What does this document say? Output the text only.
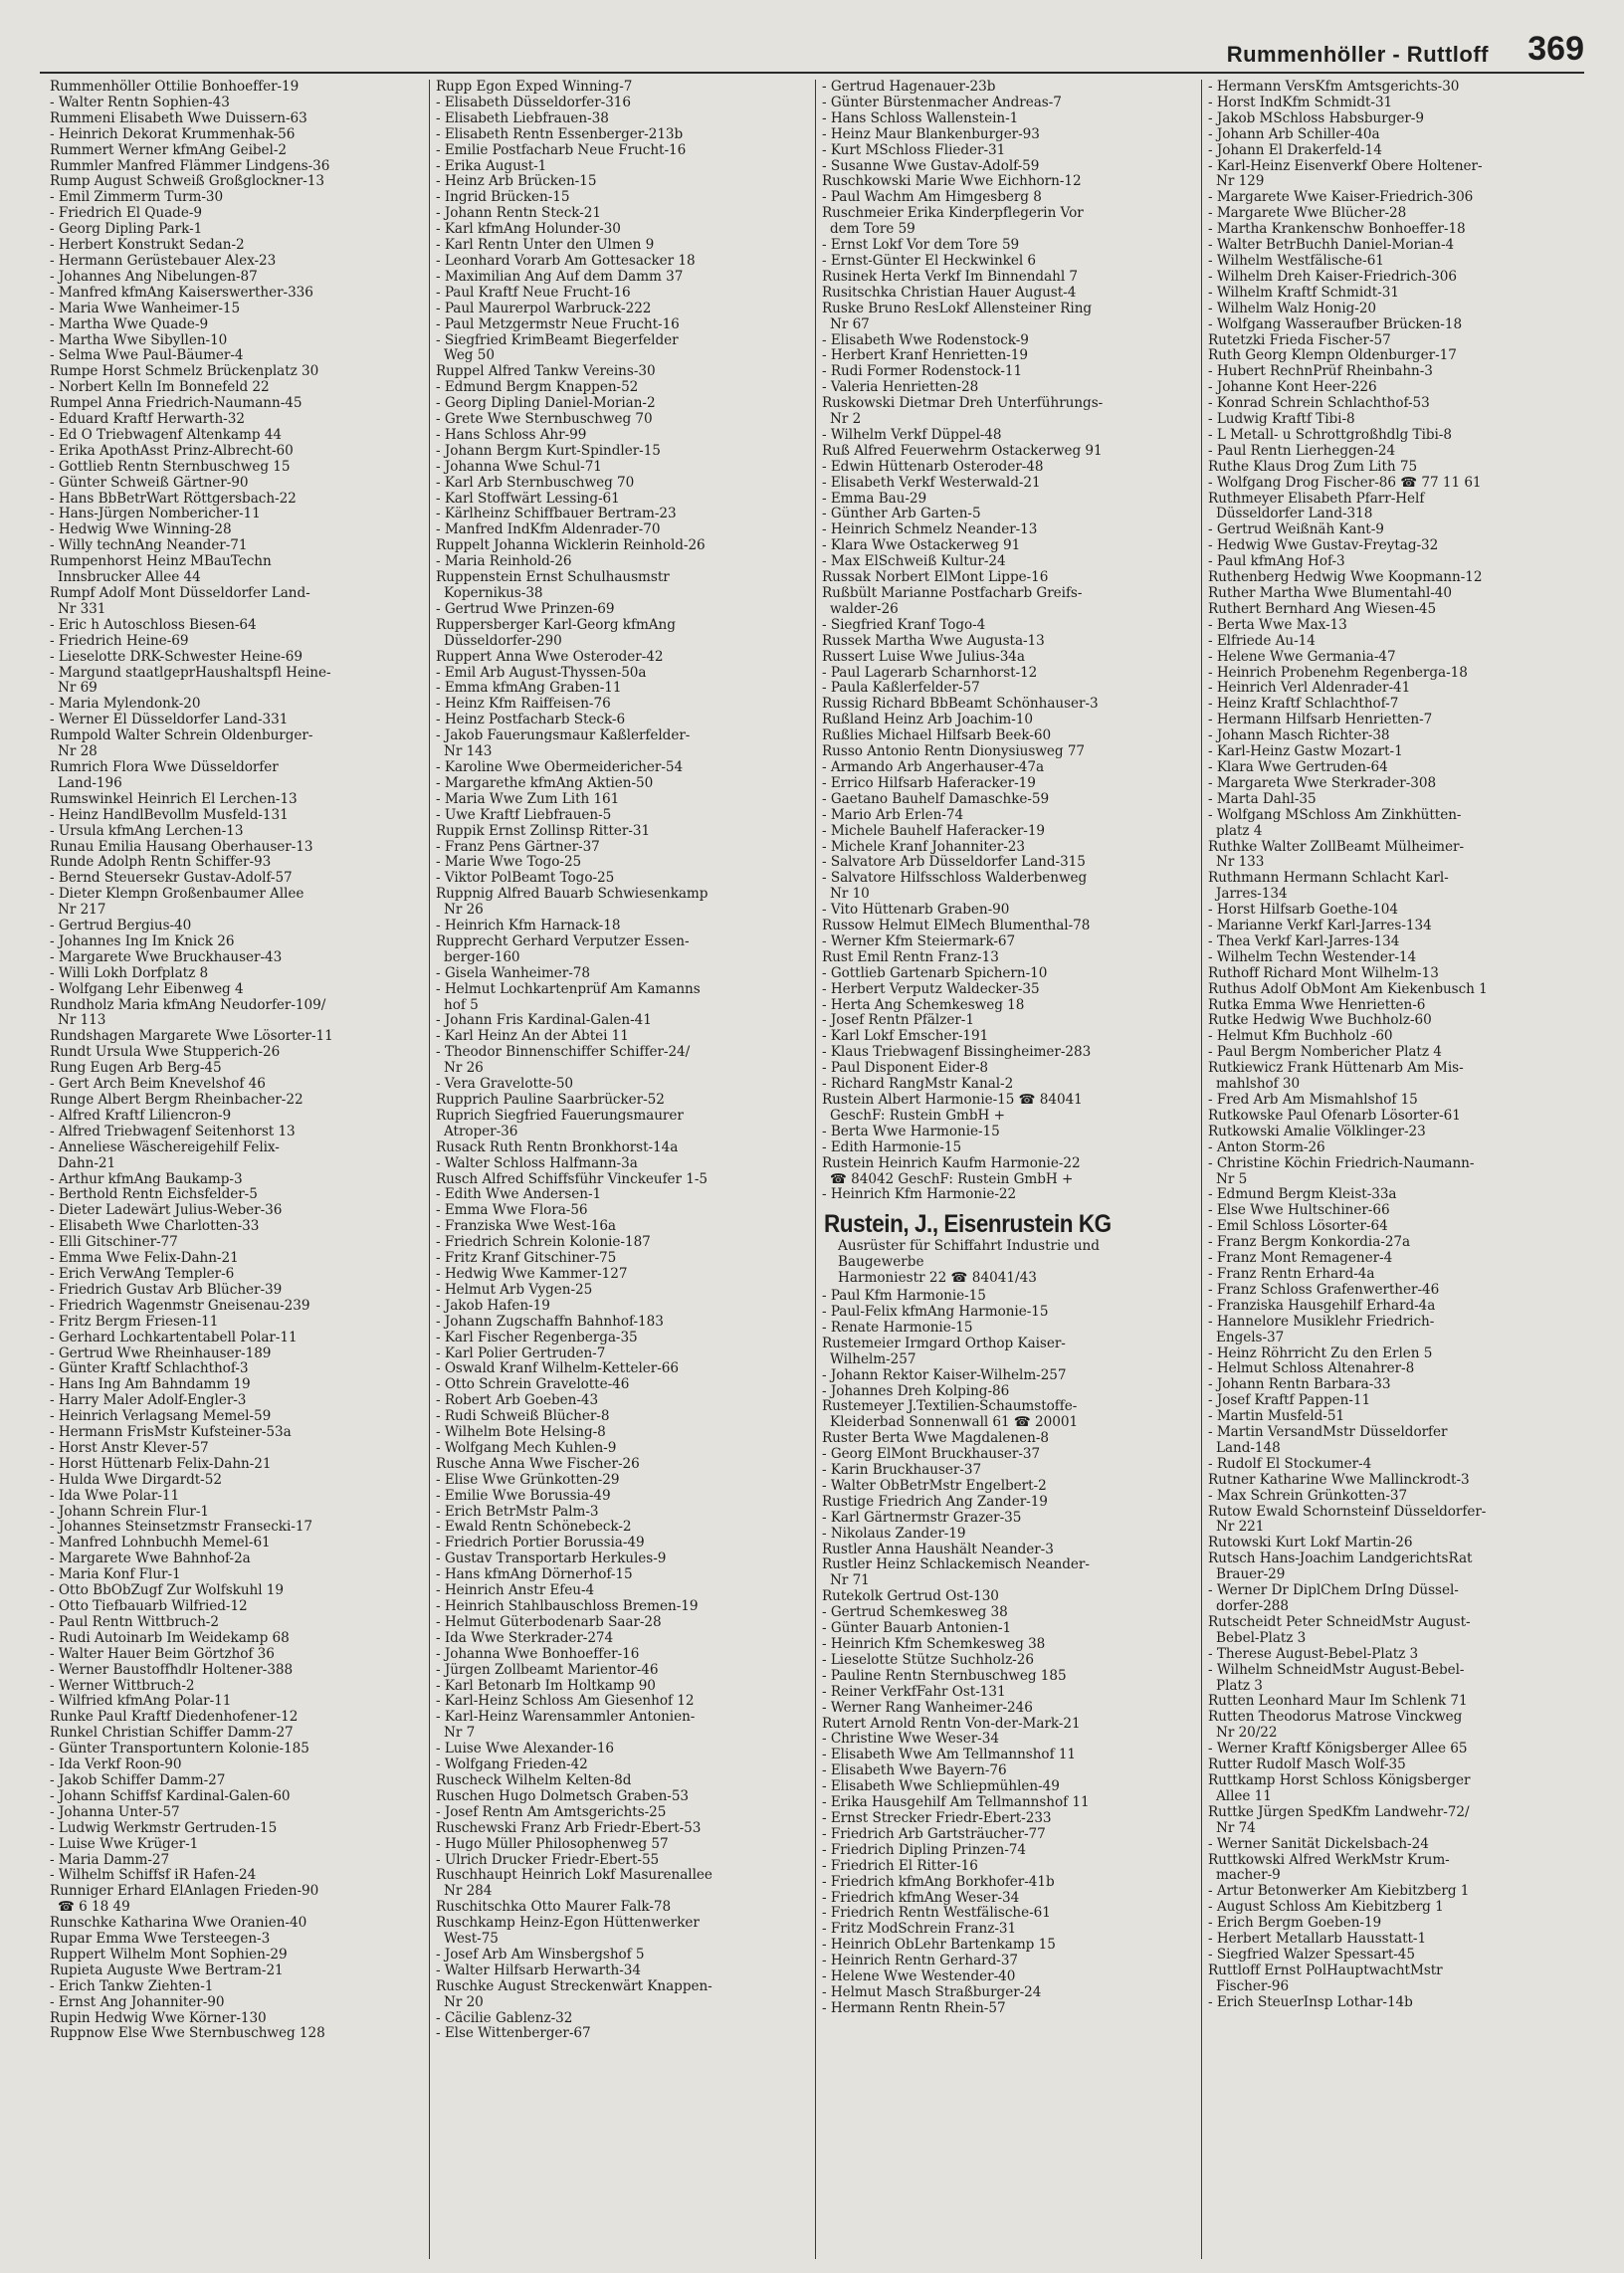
Rummenhöller - Ruttloff 369
Rummenhöller Ottilie Bonhoeffer-19
- Walter Rentn Sophien-43
Rummeni Elisabeth Wwe Duissern-63
- Heinrich Dekorat Krummenhak-56
Rummert Werner kfmAng Geibel-2
Rummler Manfred Flämmer Lindgens-36
Rump August Schweiß Großglockner-13
- Emil Zimmerm Turm-30
- Friedrich El Quade-9
- Georg Dipling Park-1
- Herbert Konstrukt Sedan-2
- Hermann Gerüstebauer Alex-23
- Johannes Ang Nibelungen-87
- Manfred kfmAng Kaiserswerther-336
- Maria Wwe Wanheimer-15
- Martha Wwe Quade-9
- Martha Wwe Sibyllen-10
- Selma Wwe Paul-Bäumer-4
Rumpe Horst Schmelz Brückenplatz 30
- Norbert Kelln Im Bonnefeld 22
Rumpel Anna Friedrich-Naumann-45
- Eduard Kraftf Herwarth-32
- Ed O Triebwagenf Altenkamp 44
- Erika ApothAsst Prinz-Albrecht-60
- Gottlieb Rentn Sternbuschweg 15
- Günter Schweiß Gärtner-90
- Hans BbBetrWart Röttgersbach-22
- Hans-Jürgen Nombericher-11
- Hedwig Wwe Winning-28
- Willy technAng Neander-71
Rumpenhorst Heinz MBauTechn
Innsbrucker Allee 44
Rumpf Adolf Mont Düsseldorfer Land-
Nr 331
- Eric h Autoschloss Biesen-64
- Friedrich Heine-69
- Lieselotte DRK-Schwester Heine-69
- Margund staatlgeprHaushaltspfl Heine-
Nr 69
- Maria Mylendonk-20
- Werner El Düsseldorfer Land-331
Rumpold Walter Schrein Oldenburger-
Nr 28
Rumrich Flora Wwe Düsseldorfer
Land-196
Rumswinkel Heinrich El Lerchen-13
- Heinz HandlBevollm Musfeld-131
- Ursula kfmAng Lerchen-13
Runau Emilia Hausang Oberhauser-13
Runde Adolph Rentn Schiffer-93
- Bernd Steuersekr Gustav-Adolf-57
- Dieter Klempn Großenbaumer Allee
Nr 217
- Gertrud Bergius-40
- Johannes Ing Im Knick 26
- Margarete Wwe Bruckhauser-43
- Willi Lokh Dorfplatz 8
- Wolfgang Lehr Eibenweg 4
Rundholz Maria kfmAng Neudorfer-109/
Nr 113
Rundshagen Margarete Wwe Lösorter-11
Rundt Ursula Wwe Stupperich-26
Rung Eugen Arb Berg-45
- Gert Arch Beim Knevelshof 46
Runge Albert Bergm Rheinbacher-22
- Alfred Kraftf Liliencron-9
- Alfred Triebwagenf Seitenhorst 13
- Anneliese Wäschereigehilf Felix-
Dahn-21
- Arthur kfmAng Baukamp-3
- Berthold Rentn Eichsfelder-5
- Dieter Ladewärt Julius-Weber-36
- Elisabeth Wwe Charlotten-33
- Elli Gitschiner-77
- Emma Wwe Felix-Dahn-21
- Erich VerwAng Templer-6
- Friedrich Gustav Arb Blücher-39
- Friedrich Wagenmstr Gneisenau-239
- Fritz Bergm Friesen-11
- Gerhard Lochkartentabell Polar-11
- Gertrud Wwe Rheinhauser-189
- Günter Kraftf Schlachthof-3
- Hans Ing Am Bahndamm 19
- Harry Maler Adolf-Engler-3
- Heinrich Verlagsang Memel-59
- Hermann FrisMstr Kufsteiner-53a
- Horst Anstr Klever-57
- Horst Hüttenarb Felix-Dahn-21
- Hulda Wwe Dirgardt-52
- Ida Wwe Polar-11
- Johann Schrein Flur-1
- Johannes Steinsetzmstr Fransecki-17
- Manfred Lohnbuchh Memel-61
- Margarete Wwe Bahnhof-2a
- Maria Konf Flur-1
- Otto BbObZugf Zur Wolfskuhl 19
- Otto Tiefbauarb Wilfried-12
- Paul Rentn Wittbruch-2
- Rudi Autoinarb Im Weidekamp 68
- Walter Hauer Beim Görtzhof 36
- Werner Baustoffhdlr Holtener-388
- Werner Wittbruch-2
- Wilfried kfmAng Polar-11
Runke Paul Kraftf Diedenhofener-12
Runkel Christian Schiffer Damm-27
- Günter Transportuntern Kolonie-185
- Ida Verkf Roon-90
- Jakob Schiffer Damm-27
- Johann Schiffsf Kardinal-Galen-60
- Johanna Unter-57
- Ludwig Werkmstr Gertruden-15
- Luise Wwe Krüger-1
- Maria Damm-27
- Wilhelm Schiffsf iR Hafen-24
Runniger Erhard ElAnlagen Frieden-90
☎ 6 18 49
Runschke Katharina Wwe Oranien-40
Rupar Emma Wwe Tersteegen-3
Ruppert Wilhelm Mont Sophien-29
Rupieta Auguste Wwe Bertram-21
- Erich Tankw Ziehten-1
- Ernst Ang Johanniter-90
Rupin Hedwig Wwe Körner-130
Ruppnow Else Wwe Sternbuschweg 128
Rupp Egon Exped Winning-7
- Elisabeth Düsseldorfer-316
- Elisabeth Liebfrauen-38
- Elisabeth Rentn Essenberger-213b
- Emilie Postfacharb Neue Frucht-16
- Erika August-1
- Heinz Arb Brücken-15
- Ingrid Brücken-15
- Johann Rentn Steck-21
- Karl kfmAng Holunder-30
- Karl Rentn Unter den Ulmen 9
- Leonhard Vorarb Am Gottesacker 18
- Maximilian Ang Auf dem Damm 37
- Paul Kraftf Neue Frucht-16
- Paul Maurerpol Warbruck-222
- Paul Metzgermstr Neue Frucht-16
- Siegfried KrimBeamt Biegerfelder
Weg 50
Ruppel Alfred Tankw Vereins-30
- Edmund Bergm Knappen-52
- Georg Dipling Daniel-Morian-2
- Grete Wwe Sternbuschweg 70
- Hans Schloss Ahr-99
- Johann Bergm Kurt-Spindler-15
- Johanna Wwe Schul-71
- Karl Arb Sternbuschweg 70
- Karl Stoffwärt Lessing-61
- Kärlheinz Schiffbauer Bertram-23
- Manfred IndKfm Aldenrader-70
Ruppelt Johanna Wicklerin Reinhold-26
- Maria Reinhold-26
Ruppenstein Ernst Schulhausmstr
Kopernikus-38
- Gertrud Wwe Prinzen-69
Ruppersberger Karl-Georg kfmAng
Düsseldorfer-290
Ruppert Anna Wwe Osteroder-42
- Emil Arb August-Thyssen-50a
- Emma kfmAng Graben-11
- Heinz Kfm Raiffeisen-76
- Heinz Postfacharb Steck-6
- Jakob Fauerungsmaur Kaßlerfelder-
Nr 143
- Karoline Wwe Obermeidericher-54
- Margarethe kfmAng Aktien-50
- Maria Wwe Zum Lith 161
- Uwe Kraftf Liebfrauen-5
Ruppik Ernst Zollinsp Ritter-31
- Franz Pens Gärtner-37
- Marie Wwe Togo-25
- Viktor PolBeamt Togo-25
Ruppnig Alfred Bauarb Schwiesenkamp
Nr 26
- Heinrich Kfm Harnack-18
Rupprecht Gerhard Verputzer Essen-
berger-160
- Gisela Wanheimer-78
- Helmut Lochkartenprüf Am Kamanns
hof 5
- Johann Fris Kardinal-Galen-41
- Karl Heinz An der Abtei 11
- Theodor Binnenschiffer Schiffer-24/
Nr 26
- Vera Gravelotte-50
Rupprich Pauline Saarbrücker-52
Ruprich Siegfried Fauerungsmaurer
Atroper-36
Rusack Ruth Rentn Bronkhorst-14a
- Walter Schloss Halfmann-3a
Rusch Alfred Schiffsführ Vinckeufer 1-5
- Edith Wwe Andersen-1
- Emma Wwe Flora-56
- Franziska Wwe West-16a
- Friedrich Schrein Kolonie-187
- Fritz Kranf Gitschiner-75
- Hedwig Wwe Kammer-127
- Helmut Arb Vygen-25
- Jakob Hafen-19
- Johann Zugschaffn Bahnhof-183
- Karl Fischer Regenberga-35
- Karl Polier Gertruden-7
- Oswald Kranf Wilhelm-Ketteler-66
- Otto Schrein Gravelotte-46
- Robert Arb Goeben-43
- Rudi Schweiß Blücher-8
- Wilhelm Bote Helsing-8
- Wolfgang Mech Kuhlen-9
Rusche Anna Wwe Fischer-26
- Elise Wwe Grünkotten-29
- Emilie Wwe Borussia-49
- Erich BetrMstr Palm-3
- Ewald Rentn Schönebeck-2
- Friedrich Portier Borussia-49
- Gustav Transportarb Herkules-9
- Hans kfmAng Dörnerhof-15
- Heinrich Anstr Efeu-4
- Heinrich Stahlbauschloss Bremen-19
- Helmut Güterbodenarb Saar-28
- Ida Wwe Sterkrader-274
- Johanna Wwe Bonhoeffer-16
- Jürgen Zollbeamt Marientor-46
- Karl Betonarb Im Holtkamp 90
- Karl-Heinz Schloss Am Giesenhof 12
- Karl-Heinz Warensammler Antonien-
Nr 7
- Luise Wwe Alexander-16
- Wolfgang Frieden-42
Ruscheck Wilhelm Kelten-8d
Ruschen Hugo Dolmetsch Graben-53
- Josef Rentn Am Amtsgerichts-25
Ruschewski Franz Arb Friedr-Ebert-53
- Hugo Müller Philosophenweg 57
- Ulrich Drucker Friedr-Ebert-55
Ruschhaupt Heinrich Lokf Masurenallee
Nr 284
Ruschitschka Otto Maurer Falk-78
Ruschkamp Heinz-Egon Hüttenwerker
West-75
- Josef Arb Am Winsbergshof 5
- Walter Hilfsarb Herwarth-34
Ruschke August Streckenwärt Knappen-
Nr 20
- Cäcilie Gablenz-32
- Else Wittenberger-67
- Gertrud Hagenauer-23b
- Günter Bürstenmacher Andreas-7
- Hans Schloss Wallenstein-1
- Heinz Maur Blankenburger-93
- Kurt MSchloss Flieder-31
- Susanne Wwe Gustav-Adolf-59
Ruschkowski Marie Wwe Eichhorn-12
- Paul Wachm Am Himgesberg 8
Ruschmeier Erika Kinderpflegerin Vor
dem Tore 59
- Ernst Lokf Vor dem Tore 59
- Ernst-Günter El Heckwinkel 6
Rusinek Herta Verkf Im Binnendahl 7
Rusitschka Christian Hauer August-4
Ruske Bruno ResLokf Allensteiner Ring
Nr 67
- Elisabeth Wwe Rodenstock-9
- Herbert Kranf Henrietten-19
- Rudi Former Rodenstock-11
- Valeria Henrietten-28
Ruskowski Dietmar Dreh Unterführungs-
Nr 2
- Wilhelm Verkf Düppel-48
Ruß Alfred Feuerwehrm Ostackerweg 91
- Edwin Hüttenarb Osteroder-48
- Elisabeth Verkf Westerwald-21
- Emma Bau-29
- Günther Arb Garten-5
- Heinrich Schmelz Neander-13
- Klara Wwe Ostackerweg 91
- Max ElSchweiß Kultur-24
Russak Norbert ElMont Lippe-16
Rußbült Marianne Postfacharb Greifs-
walder-26
- Siegfried Kranf Togo-4
Russek Martha Wwe Augusta-13
Russert Luise Wwe Julius-34a
- Paul Lagerarb Scharnhorst-12
- Paula Kaßlerfelder-57
Russig Richard BbBeamt Schönhauser-3
Rußland Heinz Arb Joachim-10
Rußlies Michael Hilfsarb Beek-60
Russo Antonio Rentn Dionysiusweg 77
- Armando Arb Angerhauser-47a
- Errico Hilfsarb Haferacker-19
- Gaetano Bauhelf Damaschke-59
- Mario Arb Erlen-74
- Michele Bauhelf Haferacker-19
- Michele Kranf Johanniter-23
- Salvatore Arb Düsseldorfer Land-315
- Salvatore Hilfsschloss Walderbenweg
Nr 10
- Vito Hüttenarb Graben-90
Russow Helmut ElMech Blumenthal-78
- Werner Kfm Steiermark-67
Rust Emil Rentn Franz-13
- Gottlieb Gartenarb Spichern-10
- Herbert Verputz Waldecker-35
- Herta Ang Schemkesweg 18
- Josef Rentn Pfälzer-1
- Karl Lokf Emscher-191
- Klaus Triebwagenf Bissingheimer-283
- Paul Disponent Eider-8
- Richard RangMstr Kanal-2
Rustein Albert Harmonie-15 ☎ 84041
GeschF: Rustein GmbH +
- Berta Wwe Harmonie-15
- Edith Harmonie-15
Rustein Heinrich Kaufm Harmonie-22
☎ 84042 GeschF: Rustein GmbH +
- Heinrich Kfm Harmonie-22
Rustein, J., Eisenrustein KG
Ausrüster für Schiffahrt Industrie und
Baugewerbe
Harmoniestr 22 ☎ 84041/43
- Paul Kfm Harmonie-15
- Paul-Felix kfmAng Harmonie-15
- Renate Harmonie-15
Rustemeier Irmgard Orthop Kaiser-
Wilhelm-257
- Johann Rektor Kaiser-Wilhelm-257
- Johannes Dreh Kolping-86
Rustemeyer J.Textilien-Schaumstoffe-
Kleiderbad Sonnenwall 61 ☎ 20001
Ruster Berta Wwe Magdalenen-8
- Georg ElMont Bruckhauser-37
- Karin Bruckhauser-37
- Walter ObBetrMstr Engelbert-2
Rustige Friedrich Ang Zander-19
- Karl Gärtnermstr Grazer-35
- Nikolaus Zander-19
Rustler Anna Haushält Neander-3
Rustler Heinz Schlackemisch Neander-
Nr 71
Rutekolk Gertrud Ost-130
- Gertrud Schemkesweg 38
- Günter Bauarb Antonien-1
- Heinrich Kfm Schemkesweg 38
- Lieselotte Stütze Suchholz-26
- Pauline Rentn Sternbuschweg 185
- Reiner VerkfFahr Ost-131
- Werner Rang Wanheimer-246
Rutert Arnold Rentn Von-der-Mark-21
- Christine Wwe Weser-34
- Elisabeth Wwe Am Tellmannshof 11
- Elisabeth Wwe Bayern-76
- Elisabeth Wwe Schliepmühlen-49
- Erika Hausgehilf Am Tellmannshof 11
- Ernst Strecker Friedr-Ebert-233
- Friedrich Arb Gartsträucher-77
- Friedrich Dipling Prinzen-74
- Friedrich El Ritter-16
- Friedrich kfmAng Borkhofer-41b
- Friedrich kfmAng Weser-34
- Friedrich Rentn Westfälische-61
- Fritz ModSchrein Franz-31
- Heinrich ObLehr Bartenkamp 15
- Heinrich Rentn Gerhard-37
- Helene Wwe Westender-40
- Helmut Masch Straßburger-24
- Hermann Rentn Rhein-57
- Hermann VersKfm Amtsgerichts-30
- Horst IndKfm Schmidt-31
- Jakob MSchloss Habsburger-9
- Johann Arb Schiller-40a
- Johann El Drakerfeld-14
- Karl-Heinz Eisenverkf Obere Holtener-
Nr 129
- Margarete Wwe Kaiser-Friedrich-306
- Margarete Wwe Blücher-28
- Martha Krankenschw Bonhoeffer-18
- Walter BetrBuchh Daniel-Morian-4
- Wilhelm Westfälische-61
- Wilhelm Dreh Kaiser-Friedrich-306
- Wilhelm Kraftf Schmidt-31
- Wilhelm Walz Honig-20
- Wolfgang Wasseraufber Brücken-18
Rutetzki Frieda Fischer-57
Ruth Georg Klempn Oldenburger-17
- Hubert RechnPrüf Rheinbahn-3
- Johanne Kont Heer-226
- Konrad Schrein Schlachthof-53
- Ludwig Kraftf Tibi-8
- L Metall- u Schrottgroßhdlg Tibi-8
- Paul Rentn Lierheggen-24
Ruthe Klaus Drog Zum Lith 75
- Wolfgang Drog Fischer-86 ☎ 77 11 61
Ruthmeyer Elisabeth Pfarr-Helf
Düsseldorfer Land-318
- Gertrud Weißnäh Kant-9
- Hedwig Wwe Gustav-Freytag-32
- Paul kfmAng Hof-3
Ruthenberg Hedwig Wwe Koopmann-12
Ruther Martha Wwe Blumentahl-40
Ruthert Bernhard Ang Wiesen-45
- Berta Wwe Max-13
- Elfriede Au-14
- Helene Wwe Germania-47
- Heinrich Probenehm Regenberga-18
- Heinrich Verl Aldenrader-41
- Heinz Kraftf Schlachthof-7
- Hermann Hilfsarb Henrietten-7
- Johann Masch Richter-38
- Karl-Heinz Gastw Mozart-1
- Klara Wwe Gertruden-64
- Margareta Wwe Sterkrader-308
- Marta Dahl-35
- Wolfgang MSchloss Am Zinkhütten-
platz 4
Ruthke Walter ZollBeamt Mülheimer-
Nr 133
Ruthmann Hermann Schlacht Karl-
Jarres-134
- Horst Hilfsarb Goethe-104
- Marianne Verkf Karl-Jarres-134
- Thea Verkf Karl-Jarres-134
- Wilhelm Techn Westender-14
Ruthoff Richard Mont Wilhelm-13
Ruthus Adolf ObMont Am Kiekenbusch 1
Rutka Emma Wwe Henrietten-6
Rutke Hedwig Wwe Buchholz-60
- Helmut Kfm Buchholz -60
- Paul Bergm Nombericher Platz 4
Rutkiewicz Frank Hüttenarb Am Mis-
mahlshof 30
- Fred Arb Am Mismahlshof 15
Rutkowske Paul Ofenarb Lösorter-61
Rutkowski Amalie Völklinger-23
- Anton Storm-26
- Christine Köchin Friedrich-Naumann-
Nr 5
- Edmund Bergm Kleist-33a
- Else Wwe Hultschiner-66
- Emil Schloss Lösorter-64
- Franz Bergm Konkordia-27a
- Franz Mont Remagener-4
- Franz Rentn Erhard-4a
- Franz Schloss Grafenwerther-46
- Franziska Hausgehilf Erhard-4a
- Hannelore Musiklehr Friedrich-
Engels-37
- Heinz Röhrricht Zu den Erlen 5
- Helmut Schloss Altenahrer-8
- Johann Rentn Barbara-33
- Josef Kraftf Pappen-11
- Martin Musfeld-51
- Martin VersandMstr Düsseldorfer
Land-148
- Rudolf El Stockumer-4
Rutner Katharine Wwe Mallinckrodt-3
- Max Schrein Grünkotten-37
Rutow Ewald Schornsteinf Düsseldorfer-
Nr 221
Rutowski Kurt Lokf Martin-26
Rutsch Hans-Joachim LandgerichtsRat
Brauer-29
- Werner Dr DiplChem DrIng Düssel-
dorfer-288
Rutscheidt Peter SchneidMstr August-
Bebel-Platz 3
- Therese August-Bebel-Platz 3
- Wilhelm SchneidMstr August-Bebel-
Platz 3
Rutten Leonhard Maur Im Schlenk 71
Rutten Theodorus Matrose Vinckweg
Nr 20/22
- Werner Kraftf Königsberger Allee 65
Rutter Rudolf Masch Wolf-35
Ruttkamp Horst Schloss Königsberger
Allee 11
Ruttke Jürgen SpedKfm Landwehr-72/
Nr 74
- Werner Sanität Dickelsbach-24
Ruttkowski Alfred WerkMstr Krum-
macher-9
- Artur Betonwerker Am Kiebitzberg 1
- August Schloss Am Kiebitzberg 1
- Erich Bergm Goeben-19
- Herbert Metallarb Hausstatt-1
- Siegfried Walzer Spessart-45
Ruttloff Ernst PolHauptwachtMstr
Fischer-96
- Erich SteuerInsp Lothar-14b
